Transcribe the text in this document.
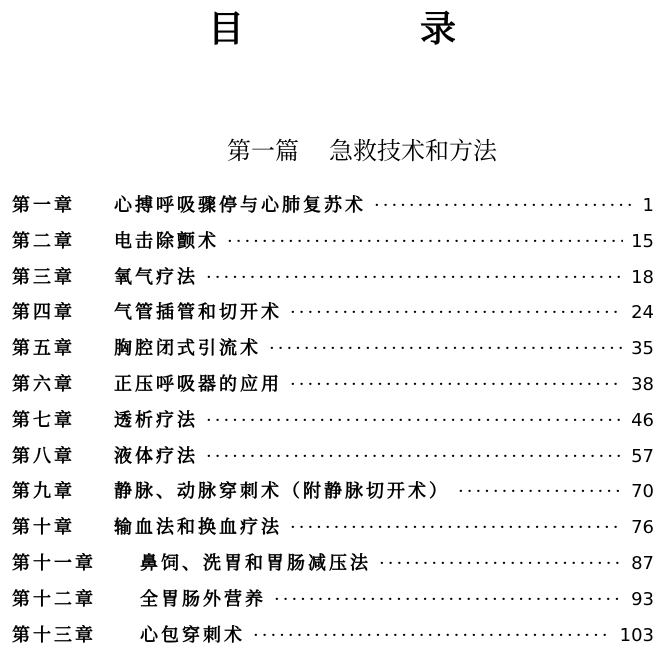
目　录
第一篇 急救技术和方法
第一章	心搏呼吸骤停与心肺复苏术 ·····	1
第二章	电击除颤术 ·····	15
第三章	氧气疗法 ·····	18
第四章	气管插管和切开术 ·····	24
第五章	胸腔闭式引流术 ·····	35
第六章	正压呼吸器的应用 ·····	38
第七章	透析疗法 ·····	46
第八章	液体疗法 ·····	57
第九章	静脉、动脉穿刺术（附静脉切开术） ·····	70
第十章	输血法和换血疗法 ·····	76
第十一章	鼻饲、洗胃和胃肠减压法 ·····	87
第十二章	全胃肠外营养 ·····	93
第十三章	心包穿刺术 ·····	103
